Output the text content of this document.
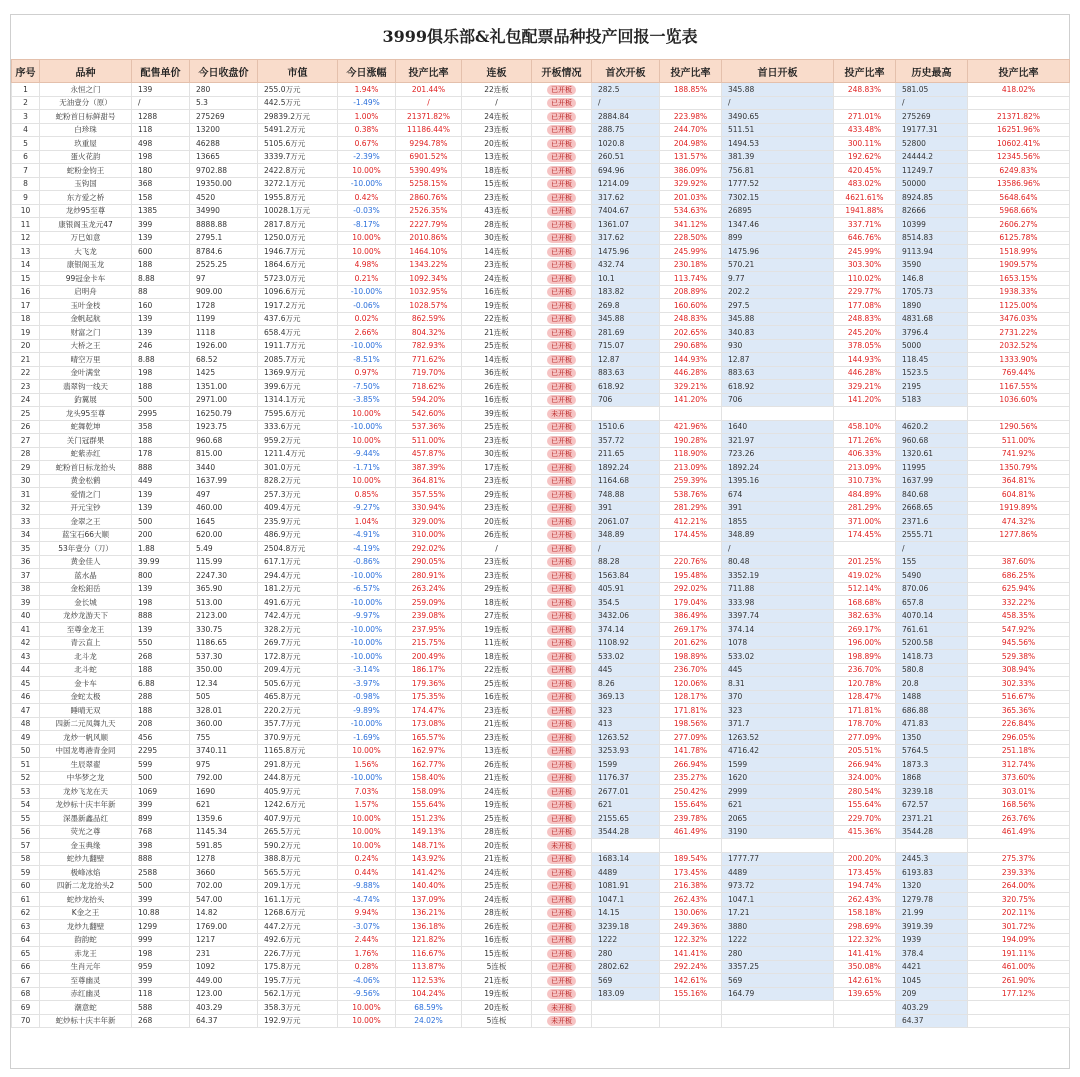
3999俱乐部&礼包配票品种投产回报一览表
序号	品种	配售单价	今日收盘价	市值	今日涨幅	投产比率	连板	开板情况	首次开板	投产比率	首日开板	投产比率	历史最高	投产比率
1	永恒之门	139	280	255.0万元	1.94%	201.44%	22连板	已开板	282.5	188.85%	345.88	248.83%	581.05	418.02%
2	无油壹分（原）	/	5.3	442.5万元	-1.49%	/	/	已开板	/		/		/	
3	蛇粉首日标鲜甜号	1288	275269	29839.2万元	1.00%	21371.82%	24连板	已开板	2884.84	223.98%	3490.65	271.01%	275269	21371.82%
4	白珍珠	118	13200	5491.2万元	0.38%	11186.44%	23连板	已开板	288.75	244.70%	511.51	433.48%	19177.31	16251.96%
5	玖重屋	498	46288	5105.6万元	0.67%	9294.78%	20连板	已开板	1020.8	204.98%	1494.53	300.11%	52800	10602.41%
6	蛋火花韵	198	13665	3339.7万元	-2.39%	6901.52%	13连板	已开板	260.51	131.57%	381.39	192.62%	24444.2	12345.56%
7	蛇粉金钧王	180	9702.88	2422.8万元	10.00%	5390.49%	18连板	已开板	694.96	386.09%	756.81	420.45%	11249.7	6249.83%
8	玉钩国	368	19350.00	3272.1万元	-10.00%	5258.15%	15连板	已开板	1214.09	329.92%	1777.52	483.02%	50000	13586.96%
9	东方爱之桥	158	4520	1955.8万元	0.42%	2860.76%	23连板	已开板	317.62	201.03%	7302.15	4621.61%	8924.85	5648.64%
10	龙炒95至尊	1385	34990	10028.1万元	-0.03%	2526.35%	43连板	已开板	7404.67	534.63%	26895	1941.88%	82666	5968.66%
11	康银阁玉龙元47	399	8888.88	2817.8万元	-8.17%	2227.79%	28连板	已开板	1361.07	341.12%	1347.46	337.71%	10399	2606.27%
12	万巳如意	139	2795.1	1250.0万元	10.00%	2010.86%	30连板	已开板	317.62	228.50%	899	646.76%	8514.83	6125.78%
13	大飞龙	600	8784.6	1946.7万元	10.00%	1464.10%	14连板	已开板	1475.96	245.99%	1475.96	245.99%	9113.94	1518.99%
14	康银阁玉龙	188	2525.25	1864.6万元	4.98%	1343.22%	23连板	已开板	432.74	230.18%	570.21	303.30%	3590	1909.57%
15	99冠金卡车	8.88	97	5723.0万元	0.21%	1092.34%	24连板	已开板	10.1	113.74%	9.77	110.02%	146.8	1653.15%
16	启明舟	88	909.00	1096.6万元	-10.00%	1032.95%	16连板	已开板	183.82	208.89%	202.2	229.77%	1705.73	1938.33%
17	玉叶金枝	160	1728	1917.2万元	-0.06%	1028.57%	19连板	已开板	269.8	160.60%	297.5	177.08%	1890	1125.00%
18	金帆起航	139	1199	437.6万元	0.02%	862.59%	22连板	已开板	345.88	248.83%	345.88	248.83%	4831.68	3476.03%
19	财富之门	139	1118	658.4万元	2.66%	804.32%	21连板	已开板	281.69	202.65%	340.83	245.20%	3796.4	2731.22%
20	大桥之王	246	1926.00	1911.7万元	-10.00%	782.93%	25连板	已开板	715.07	290.68%	930	378.05%	5000	2032.52%
21	晴空万里	8.88	68.52	2085.7万元	-8.51%	771.62%	14连板	已开板	12.87	144.93%	12.87	144.93%	118.45	1333.90%
22	金叶满堂	198	1425	1369.9万元	0.97%	719.70%	36连板	已开板	883.63	446.28%	883.63	446.28%	1523.5	769.44%
23	翡翠钩一线天	188	1351.00	399.6万元	-7.50%	718.62%	26连板	已开板	618.92	329.21%	618.92	329.21%	2195	1167.55%
24	釣翼展	500	2971.00	1314.1万元	-3.85%	594.20%	16连板	已开板	706	141.20%	706	141.20%	5183	1036.60%
25	龙头95至尊	2995	16250.79	7595.6万元	10.00%	542.60%	39连板	未开板						
26	蛇舞乾坤	358	1923.75	333.6万元	-10.00%	537.36%	25连板	已开板	1510.6	421.96%	1640	458.10%	4620.2	1290.56%
27	关门冠群果	188	960.68	959.2万元	10.00%	511.00%	23连板	已开板	357.72	190.28%	321.97	171.26%	960.68	511.00%
28	蛇紫赤红	178	815.00	1211.4万元	-9.44%	457.87%	30连板	已开板	211.65	118.90%	723.26	406.33%	1320.61	741.92%
29	蛇粉首日标龙抬头	888	3440	301.0万元	-1.71%	387.39%	17连板	已开板	1892.24	213.09%	1892.24	213.09%	11995	1350.79%
30	黄金松鹤	449	1637.99	828.2万元	10.00%	364.81%	23连板	已开板	1164.68	259.39%	1395.16	310.73%	1637.99	364.81%
31	爱情之门	139	497	257.3万元	0.85%	357.55%	29连板	已开板	748.88	538.76%	674	484.89%	840.68	604.81%
32	开元宝钞	139	460.00	409.4万元	-9.27%	330.94%	23连板	已开板	391	281.29%	391	281.29%	2668.65	1919.89%
33	金翠之王	500	1645	235.9万元	1.04%	329.00%	20连板	已开板	2061.07	412.21%	1855	371.00%	2371.6	474.32%
34	蓝宝石66大顺	200	620.00	486.9万元	-4.91%	310.00%	26连板	已开板	348.89	174.45%	348.89	174.45%	2555.71	1277.86%
35	53年壹分（刀）	1.88	5.49	2504.8万元	-4.19%	292.02%	/	已开板	/		/		/	
36	黄金佳人	39.99	115.99	617.1万元	-0.86%	290.05%	23连板	已开板	88.28	220.76%	80.48	201.25%	155	387.60%
37	蓝水晶	800	2247.30	294.4万元	-10.00%	280.91%	23连板	已开板	1563.84	195.48%	3352.19	419.02%	5490	686.25%
38	金松鈤岳	139	365.90	181.2万元	-6.57%	263.24%	29连板	已开板	405.91	292.02%	711.88	512.14%	870.06	625.94%
39	金长城	198	513.00	491.6万元	-10.00%	259.09%	18连板	已开板	354.5	179.04%	333.98	168.68%	657.8	332.22%
40	龙炒龙游天下	888	2123.00	742.4万元	-9.97%	239.08%	27连板	已开板	3432.06	386.49%	3397.74	382.63%	4070.14	458.35%
41	至尊金龙王	139	330.75	328.2万元	-10.00%	237.95%	19连板	已开板	374.14	269.17%	374.14	269.17%	761.61	547.92%
42	青云直上	550	1186.65	269.7万元	-10.00%	215.75%	11连板	已开板	1108.92	201.62%	1078	196.00%	5200.58	945.56%
43	北斗龙	268	537.30	172.8万元	-10.00%	200.49%	18连板	已开板	533.02	198.89%	533.02	198.89%	1418.73	529.38%
44	北斗蛇	188	350.00	209.4万元	-3.14%	186.17%	22连板	已开板	445	236.70%	445	236.70%	580.8	308.94%
45	金卡车	6.88	12.34	505.6万元	-3.97%	179.36%	25连板	已开板	8.26	120.06%	8.31	120.78%	20.8	302.33%
46	金蛇太极	288	505	465.8万元	-0.98%	175.35%	16连板	已开板	369.13	128.17%	370	128.47%	1488	516.67%
47	睡晴无双	188	328.01	220.2万元	-9.89%	174.47%	23连板	已开板	323	171.81%	323	171.81%	686.88	365.36%
48	四新二元凤舞九天	208	360.00	357.7万元	-10.00%	173.08%	21连板	已开板	413	198.56%	371.7	178.70%	471.83	226.84%
49	龙炒一帆风顺	456	755	370.9万元	-1.69%	165.57%	23连板	已开板	1263.52	277.09%	1263.52	277.09%	1350	296.05%
50	中国龙粤港青金同	2295	3740.11	1165.8万元	10.00%	162.97%	13连板	已开板	3253.93	141.78%	4716.42	205.51%	5764.5	251.18%
51	生辰翠翟	599	975	291.8万元	1.56%	162.77%	26连板	已开板	1599	266.94%	1599	266.94%	1873.3	312.74%
52	中华梦之龙	500	792.00	244.8万元	-10.00%	158.40%	21连板	已开板	1176.37	235.27%	1620	324.00%	1868	373.60%
53	龙炒飞龙在天	1069	1690	405.9万元	7.03%	158.09%	24连板	已开板	2677.01	250.42%	2999	280.54%	3239.18	303.01%
54	龙炒标十庆丰年新	399	621	1242.6万元	1.57%	155.64%	19连板	已开板	621	155.64%	621	155.64%	672.57	168.56%
55	深墨新鑫品红	899	1359.6	407.9万元	10.00%	151.23%	25连板	已开板	2155.65	239.78%	2065	229.70%	2371.21	263.76%
56	荧光之尊	768	1145.34	265.5万元	10.00%	149.13%	28连板	已开板	3544.28	461.49%	3190	415.36%	3544.28	461.49%
57	金玉典缘	398	591.85	590.2万元	10.00%	148.71%	20连板	未开板						
58	蛇炒九翻壁	888	1278	388.8万元	0.24%	143.92%	21连板	已开板	1683.14	189.54%	1777.77	200.20%	2445.3	275.37%
59	极峰冰焰	2588	3660	565.5万元	0.44%	141.42%	24连板	已开板	4489	173.45%	4489	173.45%	6193.83	239.33%
60	四新二龙龙抬头2	500	702.00	209.1万元	-9.88%	140.40%	25连板	已开板	1081.91	216.38%	973.72	194.74%	1320	264.00%
61	蛇炒龙抬头	399	547.00	161.1万元	-4.74%	137.09%	24连板	已开板	1047.1	262.43%	1047.1	262.43%	1279.78	320.75%
62	K金之王	10.88	14.82	1268.6万元	9.94%	136.21%	28连板	已开板	14.15	130.06%	17.21	158.18%	21.99	202.11%
63	龙炒九翻壁	1299	1769.00	447.2万元	-3.07%	136.18%	26连板	已开板	3239.18	249.36%	3880	298.69%	3919.39	301.72%
64	韵韵蛇	999	1217	492.6万元	2.44%	121.82%	16连板	已开板	1222	122.32%	1222	122.32%	1939	194.09%
65	赤龙王	198	231	226.7万元	1.76%	116.67%	15连板	已开板	280	141.41%	280	141.41%	378.4	191.11%
66	生肖元年	959	1092	175.8万元	0.28%	113.87%	5连板	已开板	2802.62	292.24%	3357.25	350.08%	4421	461.00%
67	至尊幽灵	399	449.00	195.7万元	-4.06%	112.53%	21连板	已开板	569	142.61%	569	142.61%	1045	261.90%
68	赤红幽灵	118	123.00	562.1万元	-9.56%	104.24%	19连板	已开板	183.09	155.16%	164.79	139.65%	209	177.12%
69	潮意蛇	588	403.29	358.3万元	10.00%	68.59%	20连板	未开板					403.29	
70	蛇炒标十庆丰年新	268	64.37	192.9万元	10.00%	24.02%	5连板	未开板					64.37	
